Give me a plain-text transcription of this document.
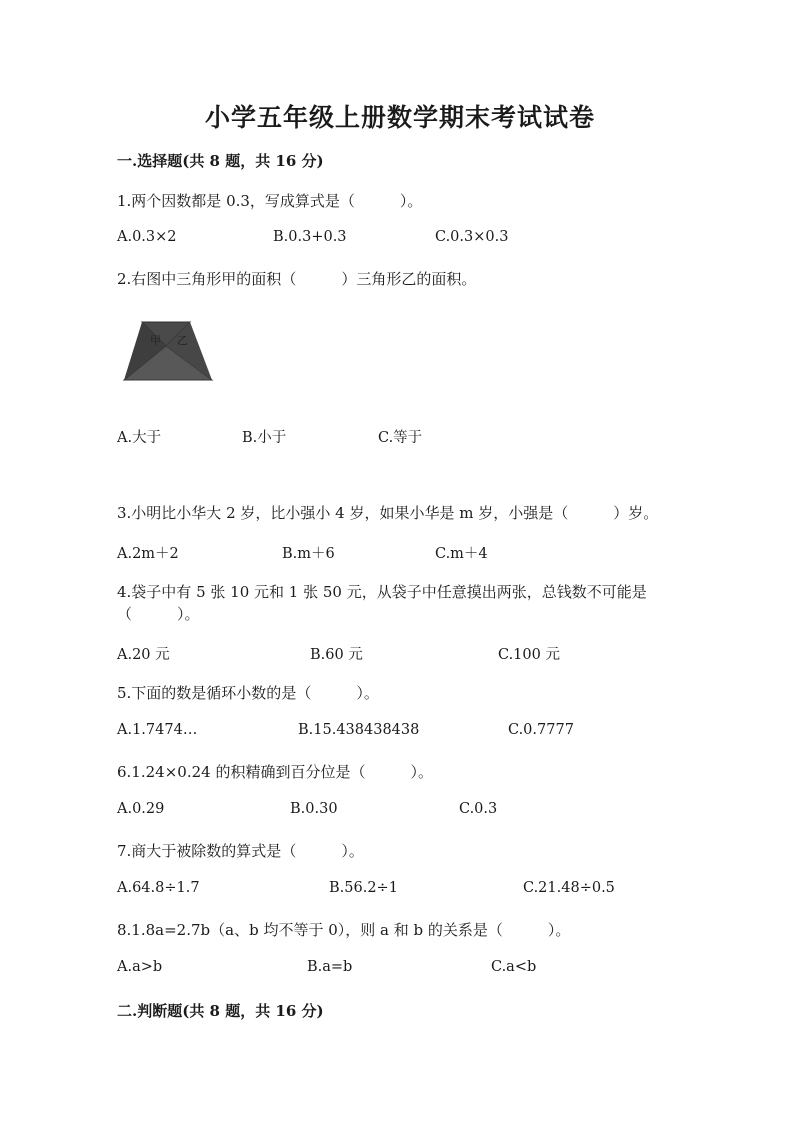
小学五年级上册数学期末考试试卷
一.选择题(共 8 题，共 16 分)
1.两个因数都是 0.3，写成算式是（　　　）。
A.0.3×2	B.0.3+0.3	C.0.3×0.3
2.右图中三角形甲的面积（　　　）三角形乙的面积。
甲 乙
A.大于	B.小于	C.等于
3.小明比小华大 2 岁，比小强小 4 岁，如果小华是 m 岁，小强是（　　　）岁。
A.2m＋2	B.m＋6	C.m＋4
4.袋子中有 5 张 10 元和 1 张 50 元，从袋子中任意摸出两张，总钱数不可能是
（　　　）。
A.20 元	B.60 元	C.100 元
5.下面的数是循环小数的是（　　　）。
A.1.7474…	B.15.438438438	C.0.7777
6.1.24×0.24 的积精确到百分位是（　　　）。
A.0.29	B.0.30	C.0.3
7.商大于被除数的算式是（　　　）。
A.64.8÷1.7	B.56.2÷1	C.21.48÷0.5
8.1.8a=2.7b（a、b 均不等于 0），则 a 和 b 的关系是（　　　）。
A.a>b	B.a=b	C.a<b
二.判断题(共 8 题，共 16 分)
